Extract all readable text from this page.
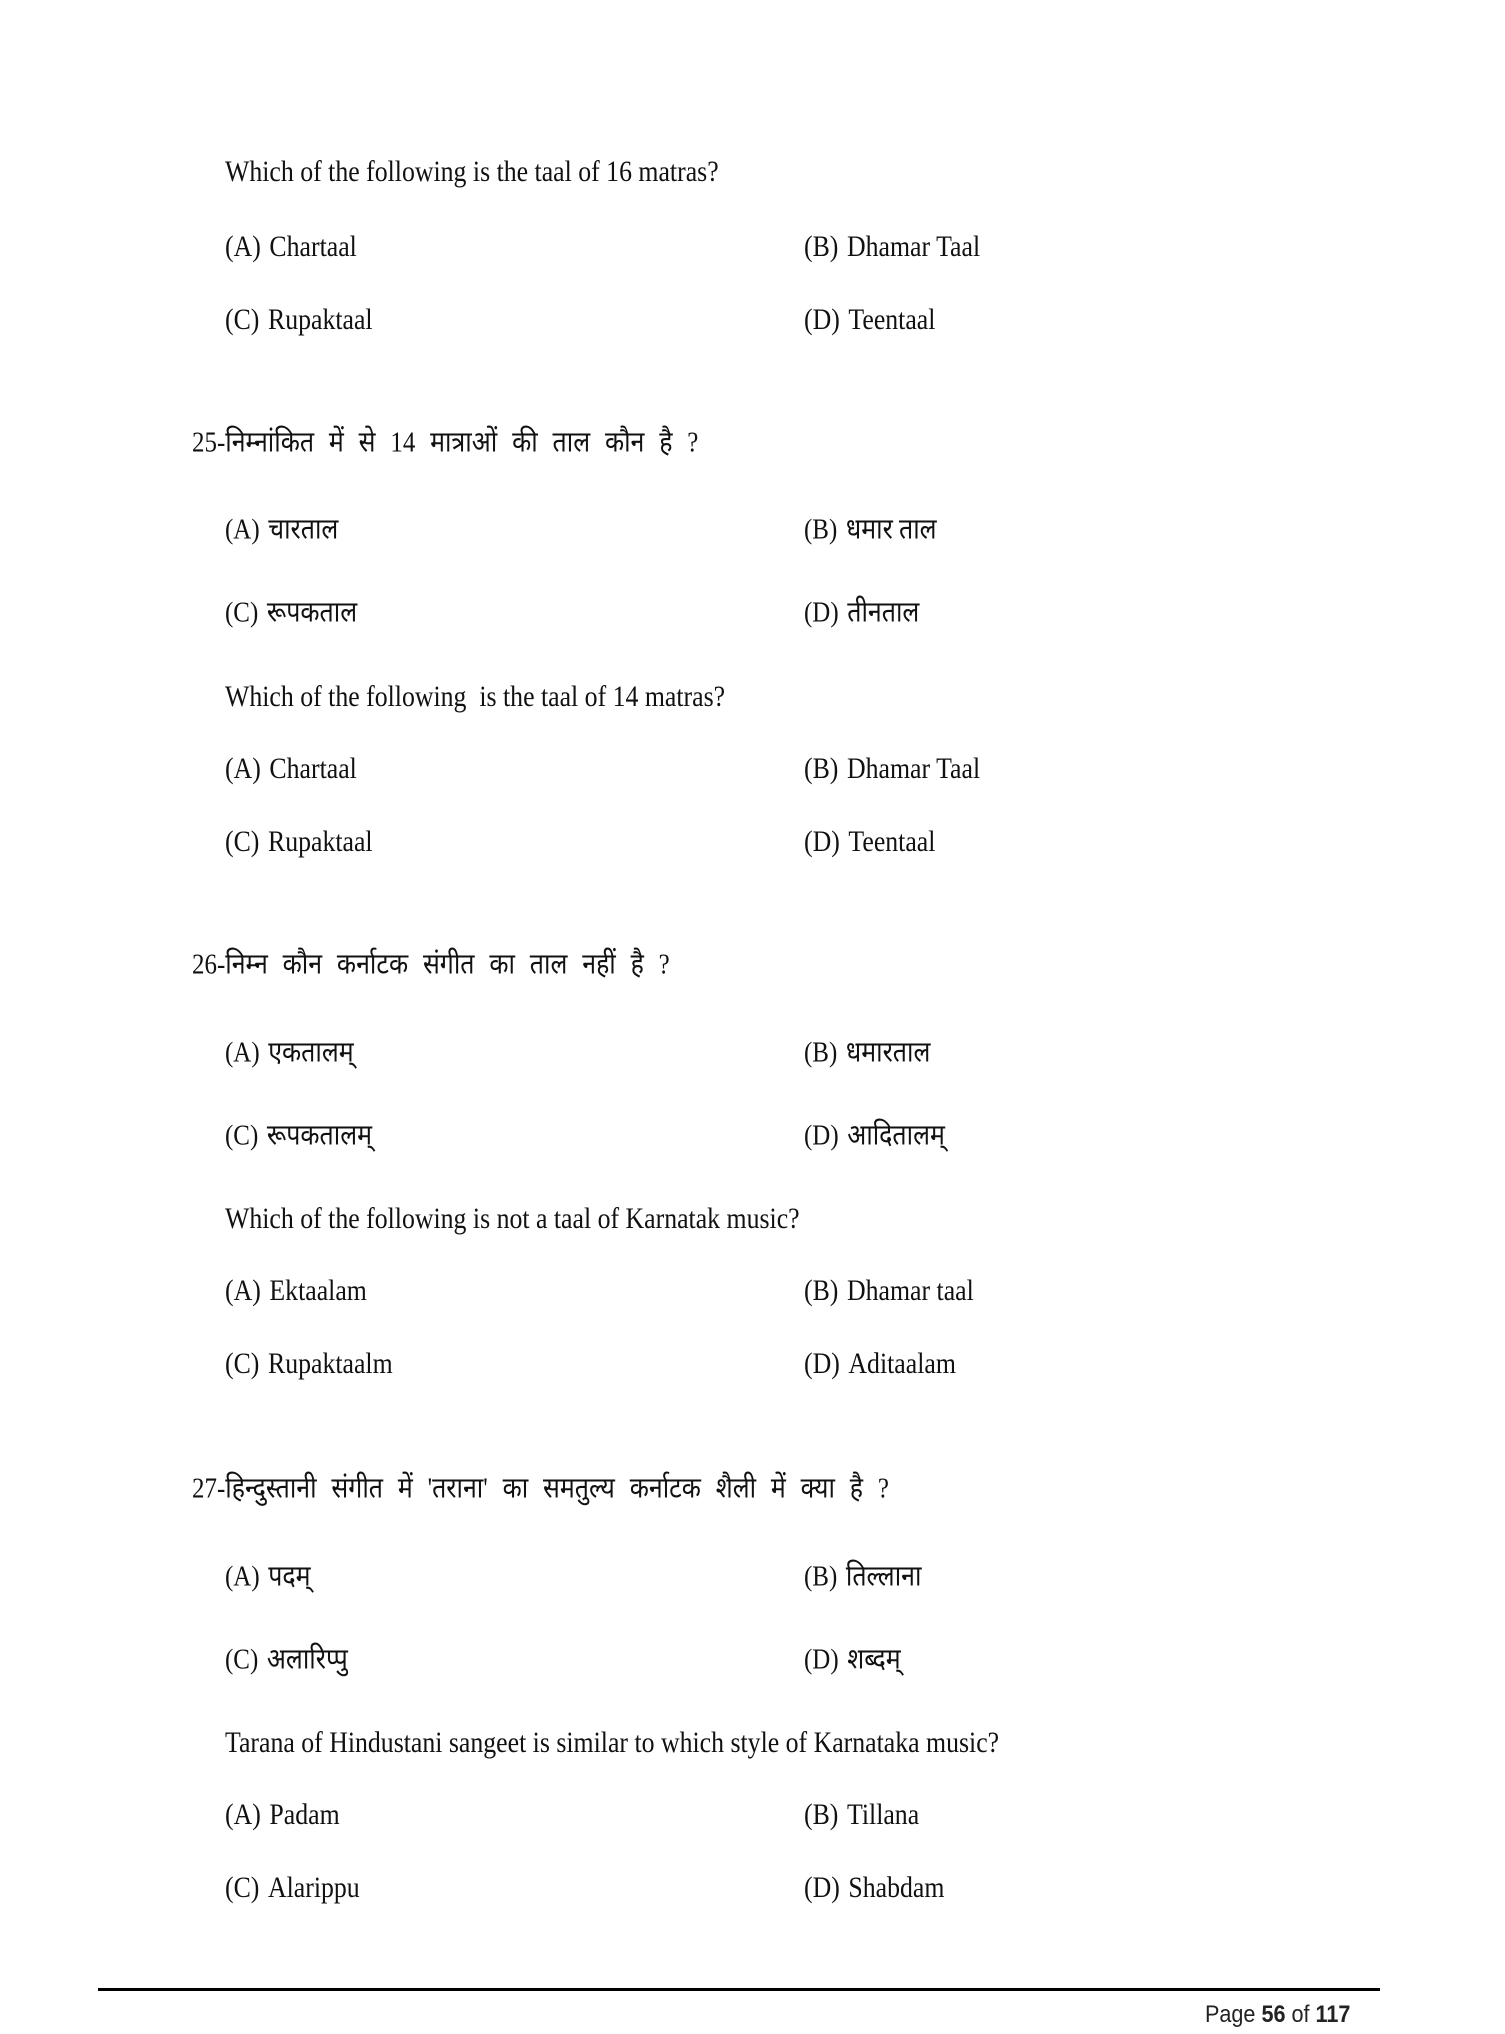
Which of the following is the taal of 16 matras?
(A) Chartaal	(B) Dhamar Taal
(C) Rupaktaal	(D) Teentaal
25-निम्नांकित में से 14 मात्राओं की ताल कौन है ?
(A) चारताल	(B) धमार ताल
(C) रूपकताल	(D) तीनताल
Which of the following  is the taal of 14 matras?
(A) Chartaal	(B) Dhamar Taal
(C) Rupaktaal	(D) Teentaal
26-निम्न कौन कर्नाटक संगीत का ताल नहीं है ?
(A) एकतालम्	(B) धमारताल
(C) रूपकतालम्	(D) आदितालम्
Which of the following is not a taal of Karnatak music?
(A) Ektaalam	(B) Dhamar taal
(C) Rupaktaalm	(D) Aditaalam
27-हिन्दुस्तानी संगीत में 'तराना' का समतुल्य कर्नाटक शैली में क्या है ?
(A) पदम्	(B) तिल्लाना
(C) अलारिप्पु	(D) शब्दम्
Tarana of Hindustani sangeet is similar to which style of Karnataka music?
(A) Padam	(B) Tillana
(C) Alarippu	(D) Shabdam
Page 56 of 117
